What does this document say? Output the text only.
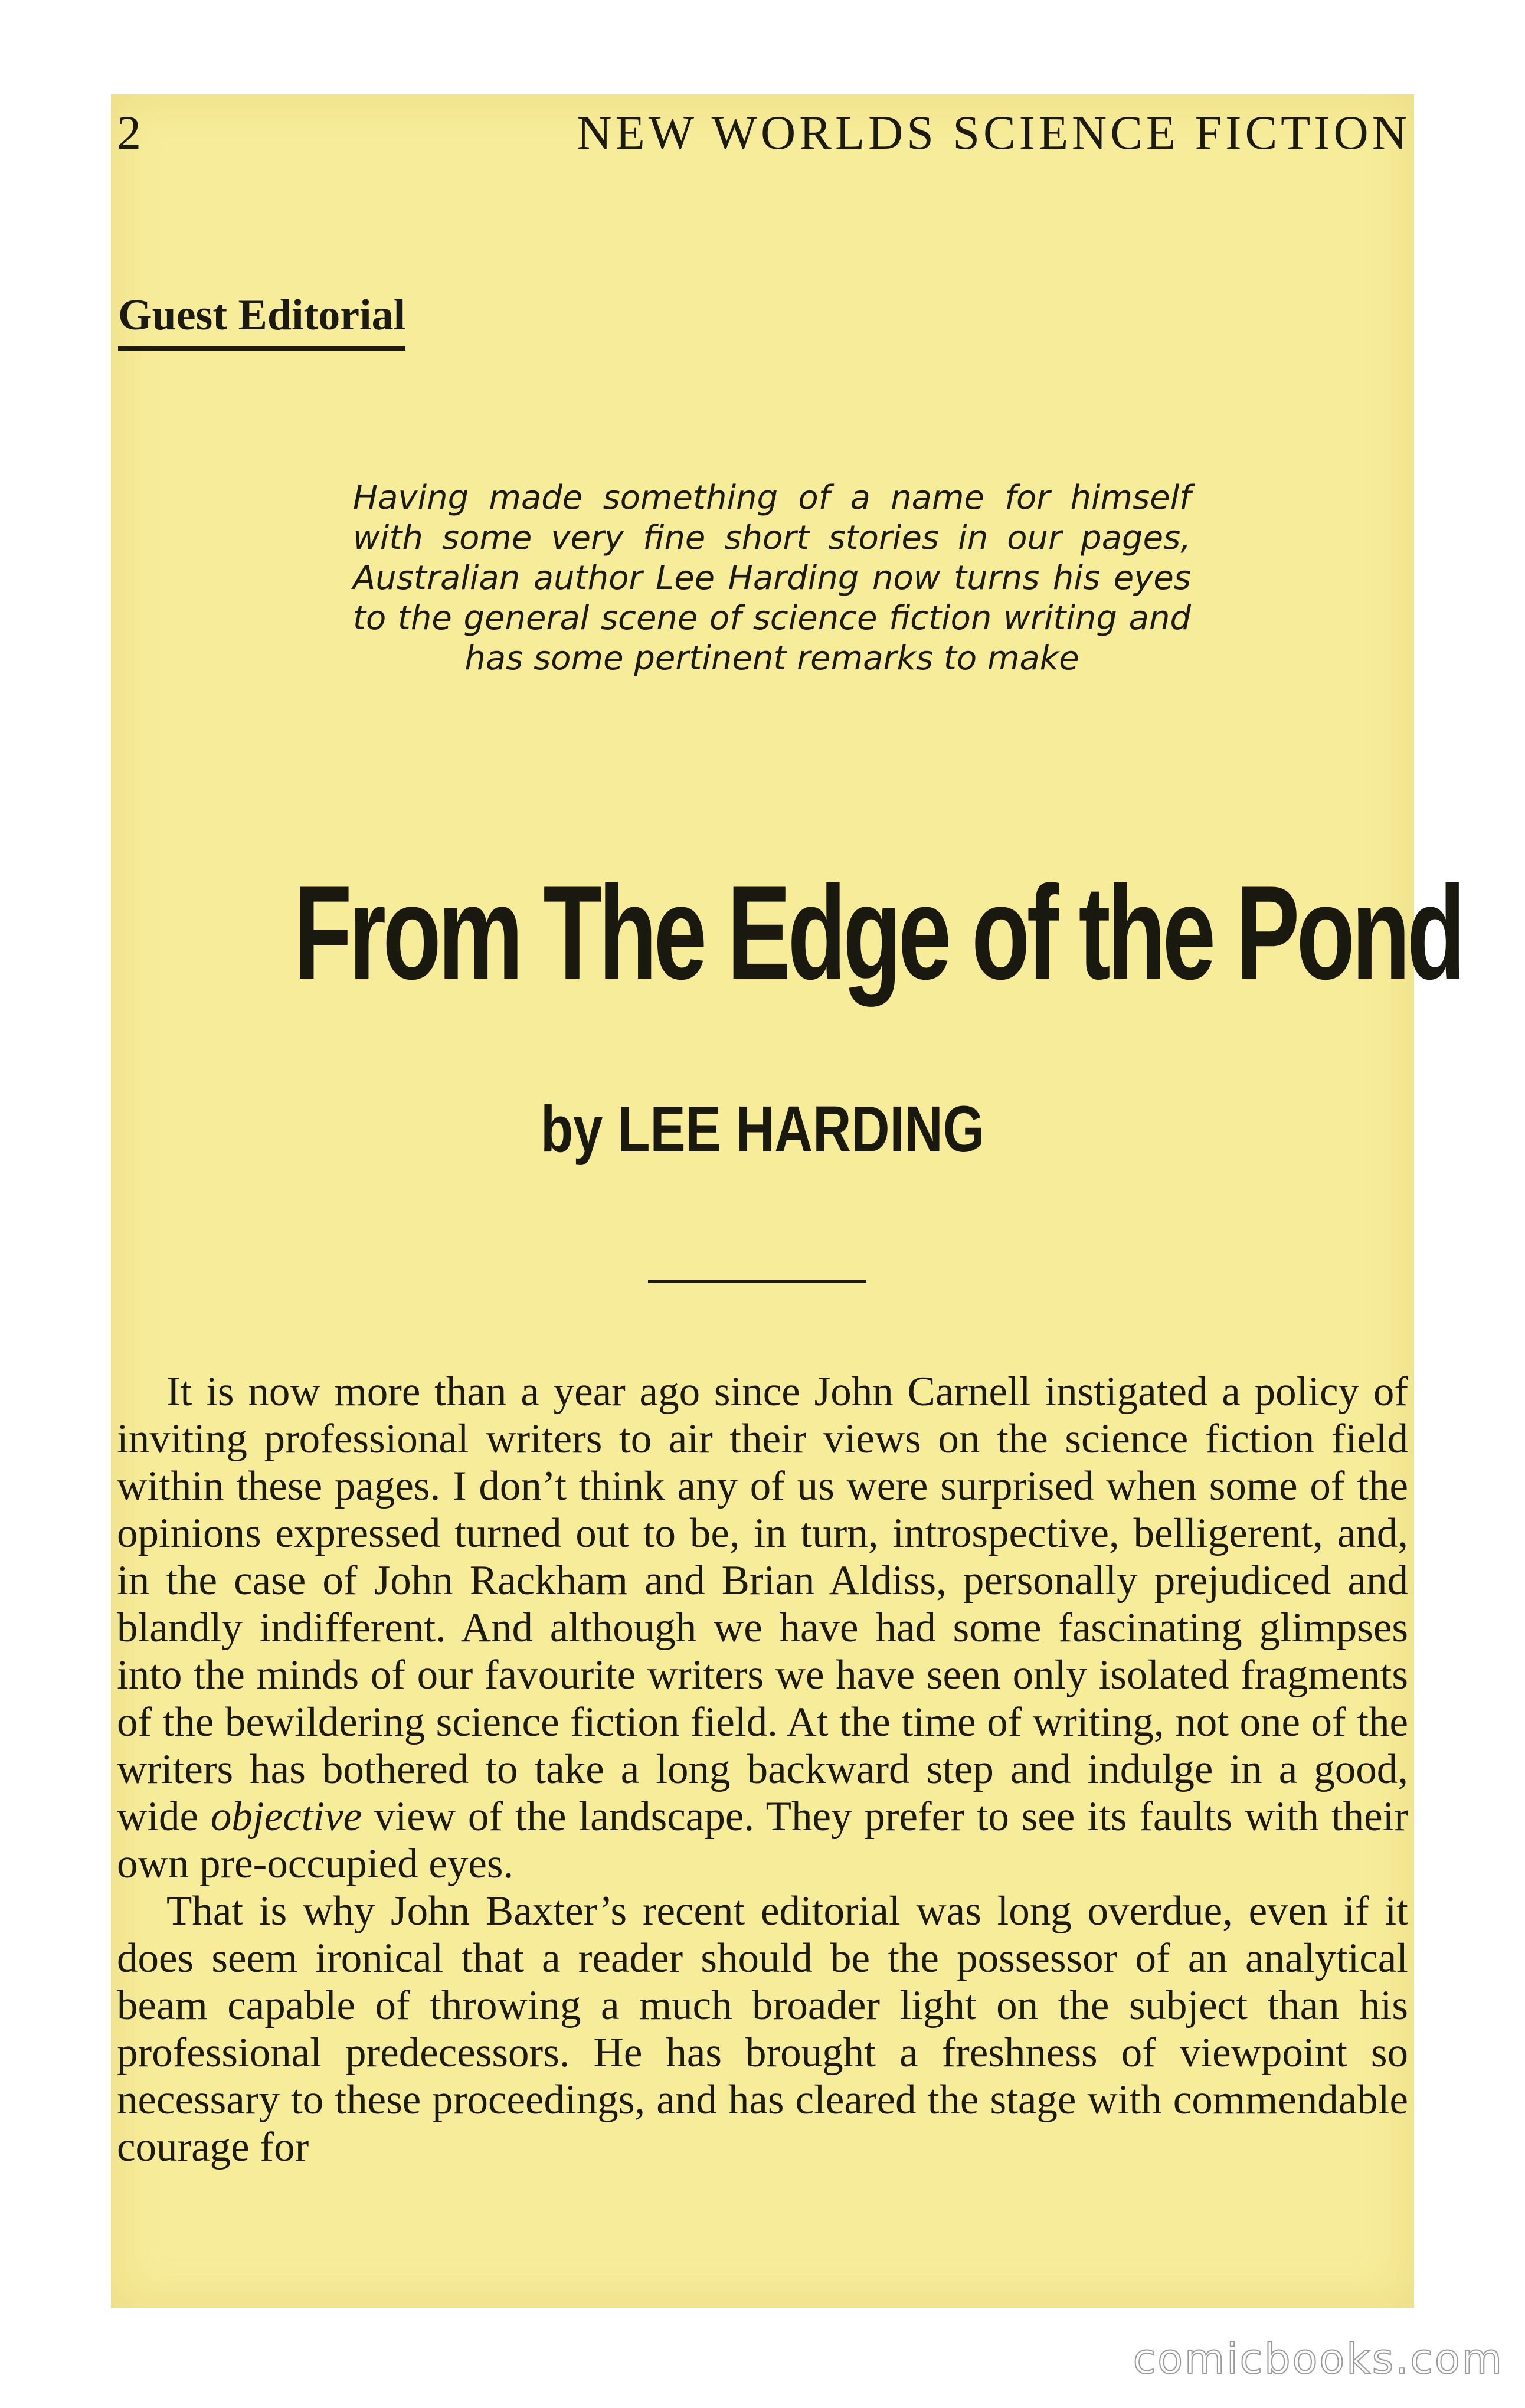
2	NEW WORLDS SCIENCE FICTION
Guest Editorial
Having made something of a name for himself with some very fine short stories in our pages, Australian author Lee Harding now turns his eyes to the general scene of science fiction writing and has some pertinent remarks to make
From The Edge of the Pond
by LEE HARDING

It is now more than a year ago since John Carnell instigated a policy of inviting professional writers to air their views on the science fiction field within these pages. I don’t think any of us were surprised when some of the opinions expressed turned out to be, in turn, introspective, belligerent, and, in the case of John Rackham and Brian Aldiss, personally prejudiced and blandly indifferent. And although we have had some fascinating glimpses into the minds of our favourite writers we have seen only isolated fragments of the bewildering science fiction field. At the time of writing, not one of the writers has bothered to take a long backward step and indulge in a good, wide objective view of the landscape. They prefer to see its faults with their own pre-occupied eyes.

That is why John Baxter’s recent editorial was long overdue, even if it does seem ironical that a reader should be the possessor of an analytical beam capable of throwing a much broader light on the subject than his professional predecessors. He has brought a freshness of viewpoint so necessary to these proceedings, and has cleared the stage with commendable courage for

comicbooks.com
